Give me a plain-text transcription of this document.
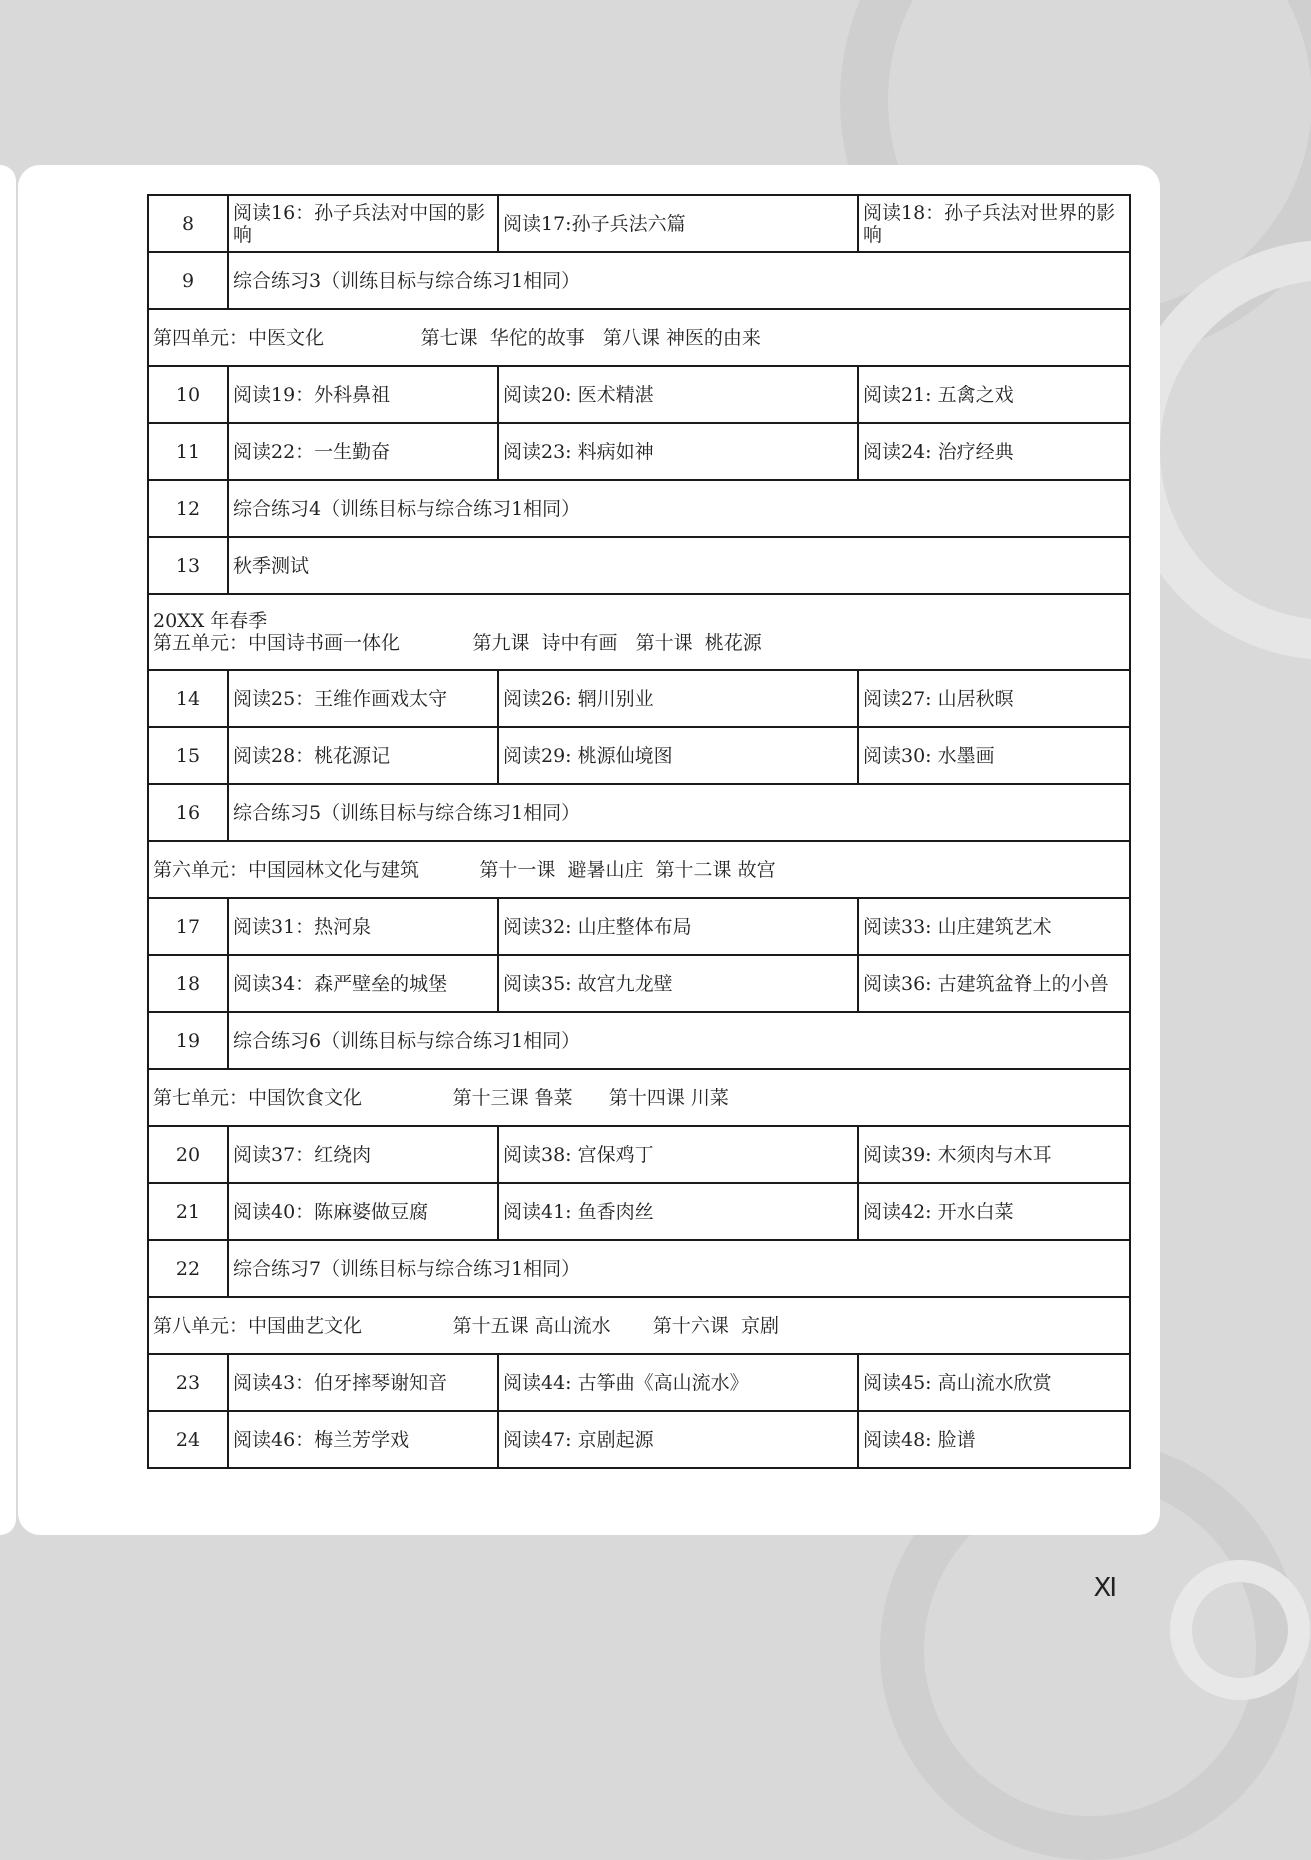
8	阅读16：孙子兵法对中国的影响	阅读17:孙子兵法六篇	阅读18：孙子兵法对世界的影响
9	综合练习3（训练目标与综合练习1相同）		

第四单元：中医文化                第七课  华佗的故事   第八课 神医的由来			

10	阅读19：外科鼻祖	阅读20: 医术精湛	阅读21: 五禽之戏
11	阅读22：一生勤奋	阅读23: 料病如神	阅读24: 治疗经典
12	综合练习4（训练目标与综合练习1相同）		
13	秋季测试		

20XX 年春季
第五单元：中国诗书画一体化            第九课  诗中有画   第十课  桃花源			

14	阅读25：王维作画戏太守	阅读26: 辋川别业	阅读27: 山居秋暝
15	阅读28：桃花源记	阅读29: 桃源仙境图	阅读30: 水墨画
16	综合练习5（训练目标与综合练习1相同）		

第六单元：中国园林文化与建筑          第十一课  避暑山庄  第十二课 故宫			

17	阅读31：热河泉	阅读32: 山庄整体布局	阅读33: 山庄建筑艺术
18	阅读34：森严壁垒的城堡	阅读35: 故宫九龙壁	阅读36: 古建筑盆脊上的小兽
19	综合练习6（训练目标与综合练习1相同）		

第七单元：中国饮食文化               第十三课 鲁菜      第十四课 川菜			

20	阅读37：红绕肉	阅读38: 宫保鸡丁	阅读39: 木须肉与木耳
21	阅读40：陈麻婆做豆腐	阅读41: 鱼香肉丝	阅读42: 开水白菜
22	综合练习7（训练目标与综合练习1相同）		

第八单元：中国曲艺文化               第十五课 高山流水       第十六课  京剧			

23	阅读43：伯牙摔琴谢知音	阅读44: 古筝曲《高山流水》	阅读45: 高山流水欣赏
24	阅读46：梅兰芳学戏	阅读47: 京剧起源	阅读48: 脸谱
XI
